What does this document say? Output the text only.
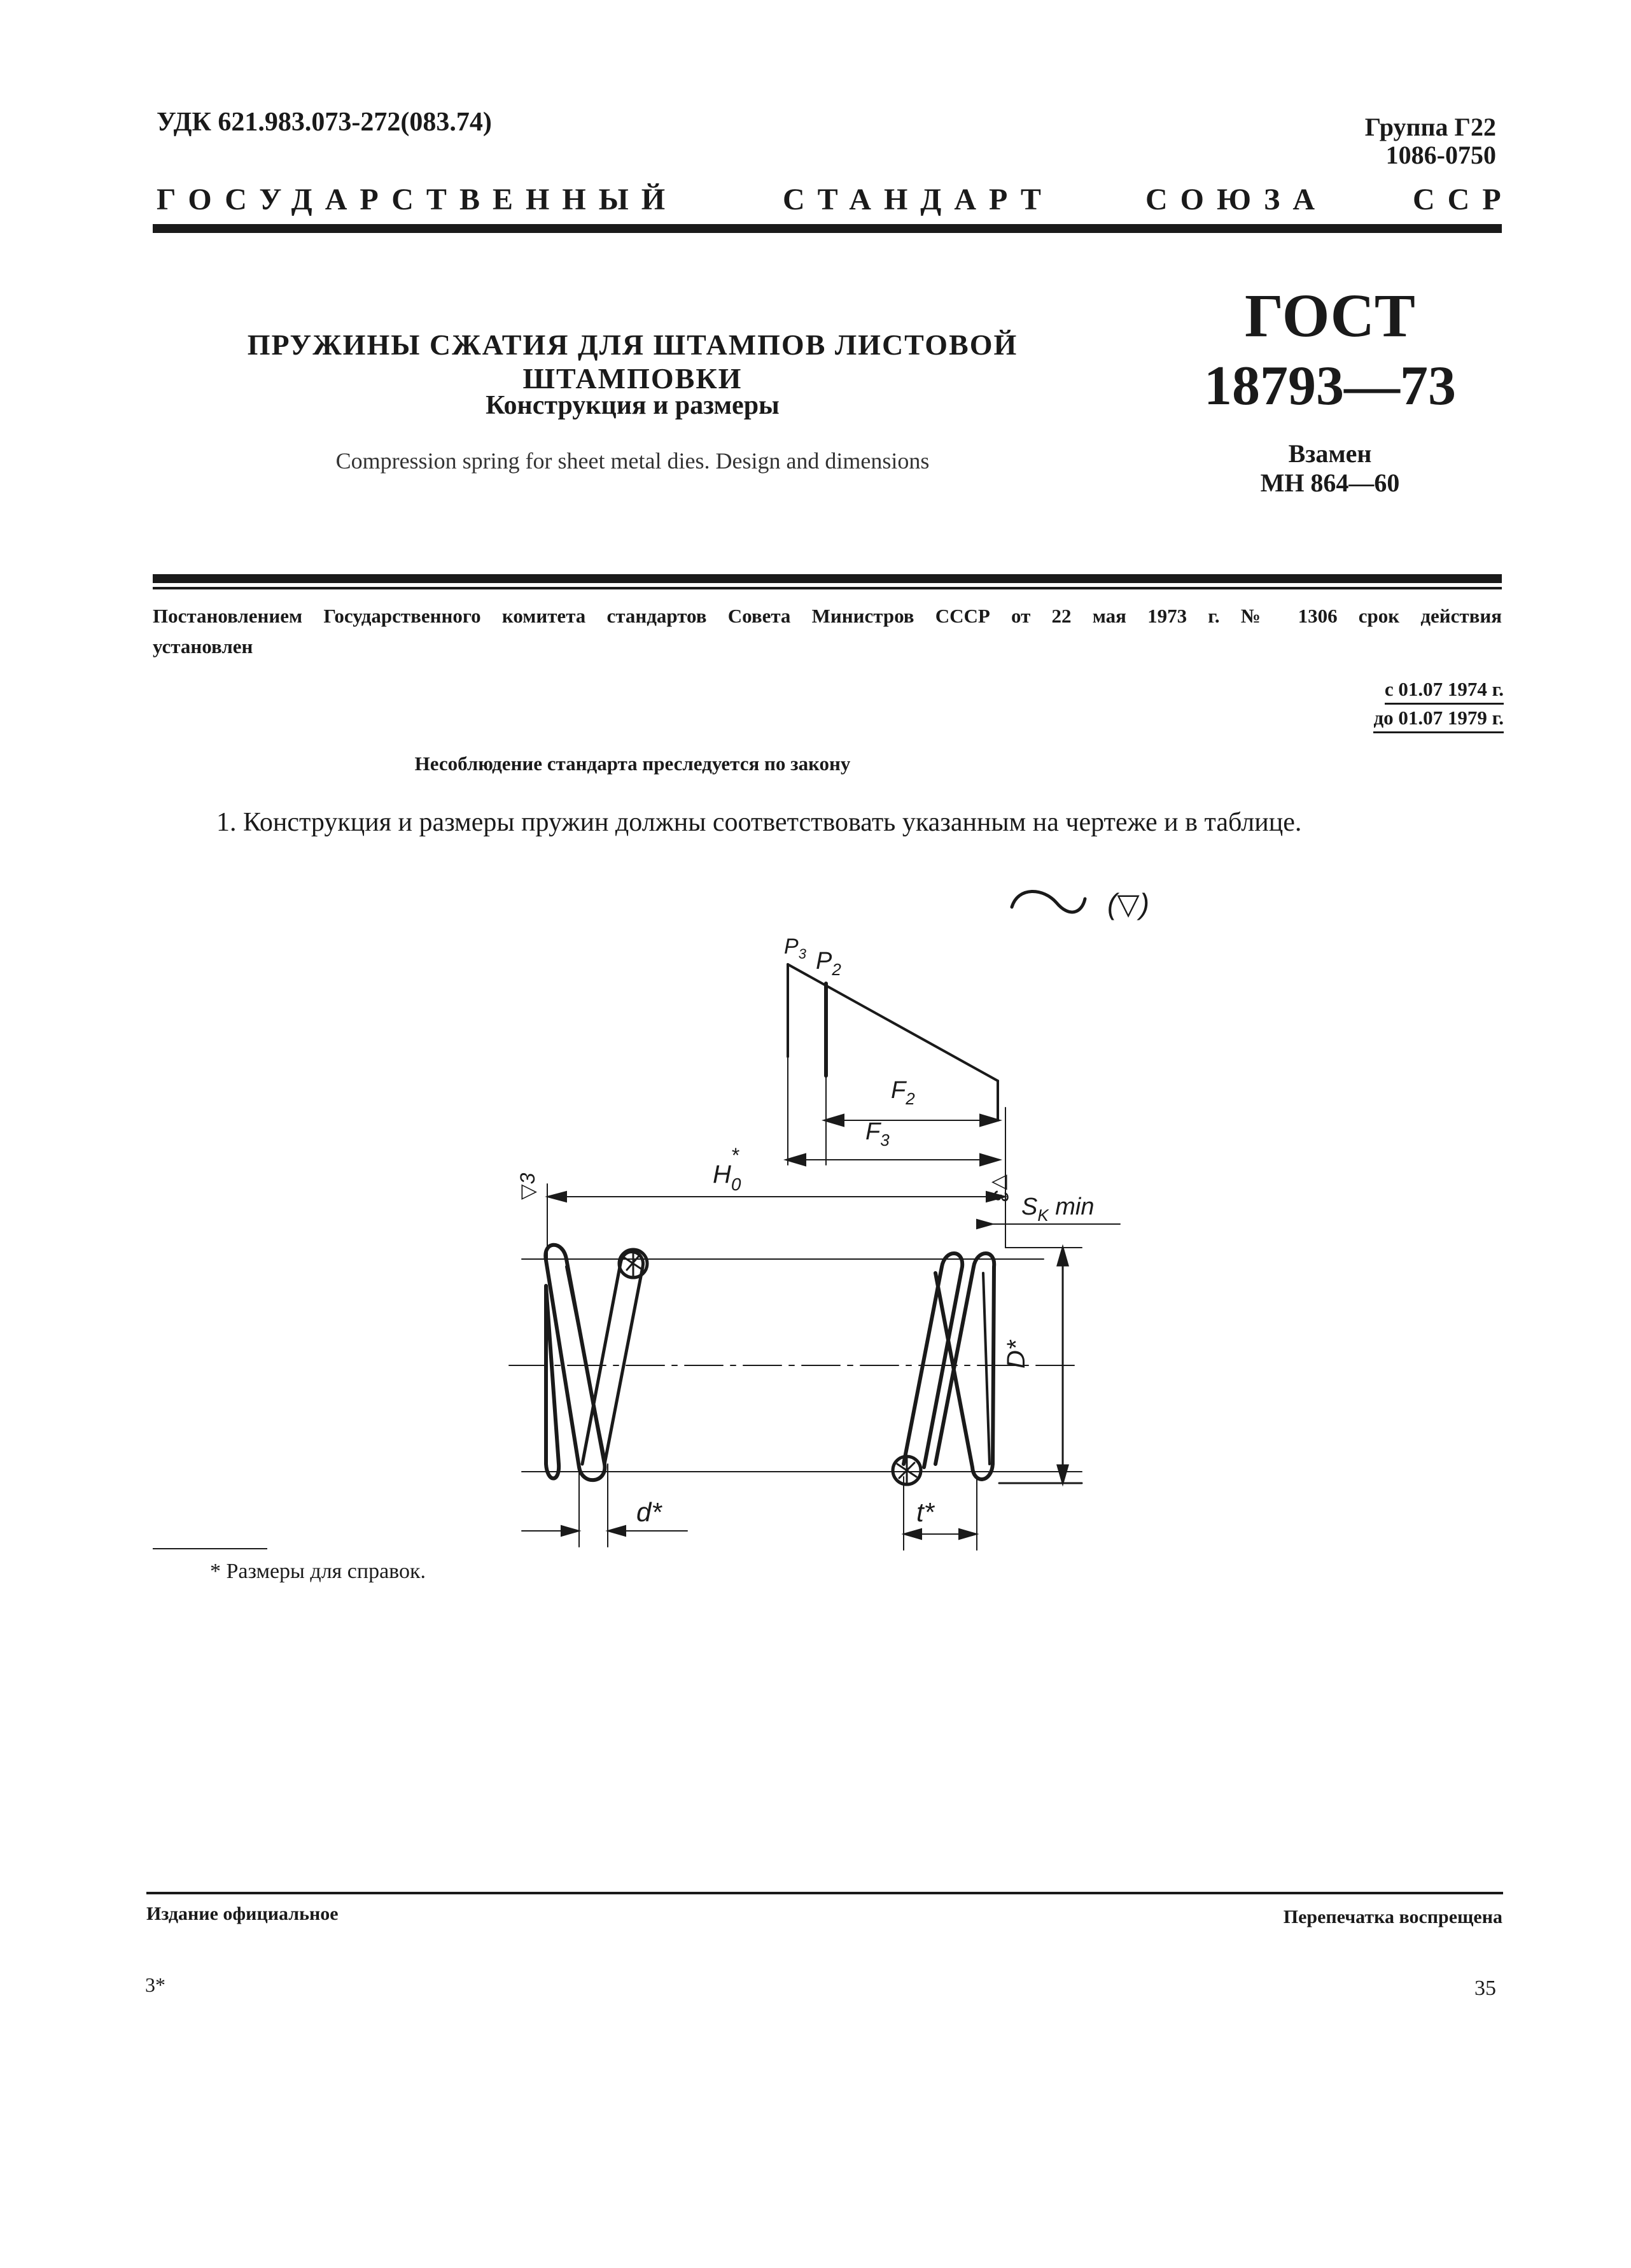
УДК 621.983.073-272(083.74)	Группа Г22
1086-0750
ГОСУДАРСТВЕННЫЙ	СТАНДАРТ	СОЮЗА	ССР
ПРУЖИНЫ СЖАТИЯ ДЛЯ ШТАМПОВ ЛИСТОВОЙ ШТАМПОВКИ
Конструкция и размеры
Compression spring for sheet metal dies. Design and dimensions
ГОСТ
18793—73
Взамен
МН 864—60
Постановлением Государственного комитета стандартов Совета Министров СССР от 22 мая 1973 г. № 1306 срок действия
установлен
с 01.07 1974 г.
до 01.07 1979 г.
Несоблюдение стандарта преследуется по закону
1. Конструкция и размеры пружин должны соответствовать указанным на чертеже и в таблице.
(▽)
$P_3$ $P_2$
$F_2$
$F_3$
$H_0*$
$S_K$ min
D*
d*	t*
▽3	▽3
* Размеры для справок.
Издание официальное	Перепечатка воспрещена
3*	35
